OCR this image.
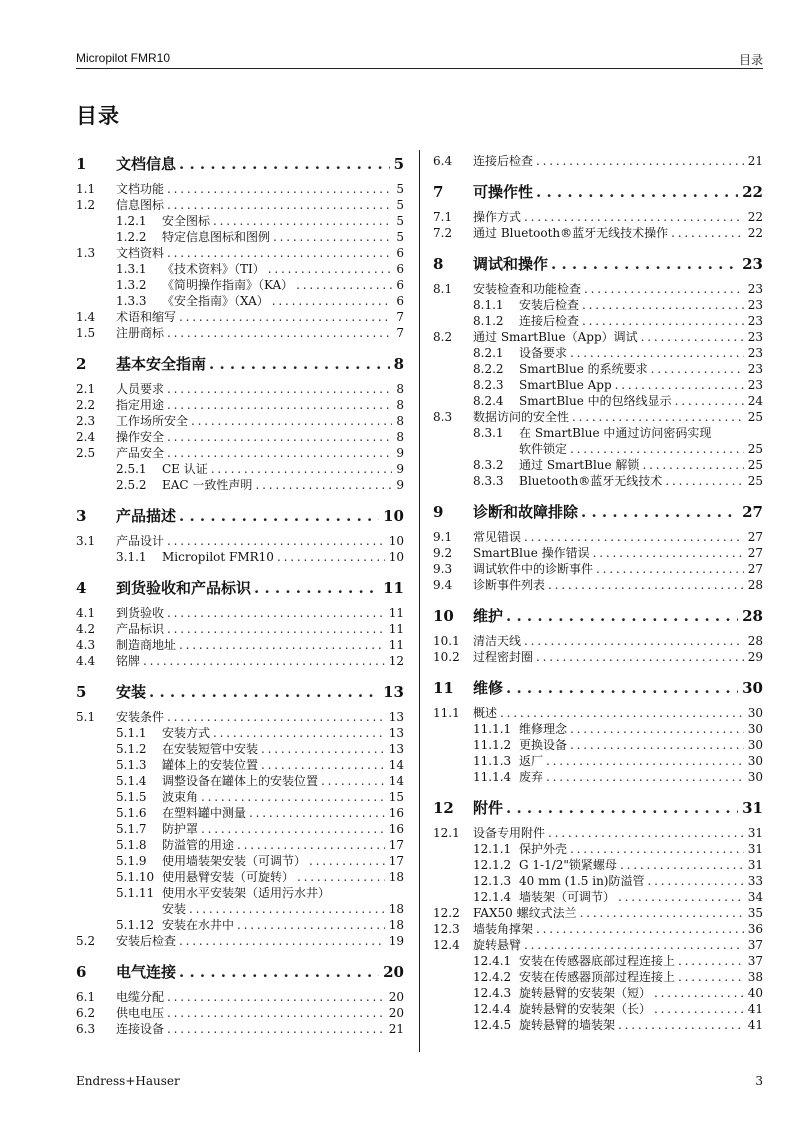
Micropilot FMR10	目录
目录
1 文档信息 . . .	5
1.1 文档功能 . . .	5
1.2 信息图标 . . .	5
1.2.1 安全图标 . . .	5
1.2.2 特定信息图标和图例 . . .	5
1.3 文档资料 . . .	6
1.3.1 《技术资料》（TI） . . .	6
1.3.2 《简明操作指南》（KA） . . .	6
1.3.3 《安全指南》（XA） . . .	6
1.4 术语和缩写 . . .	7
1.5 注册商标 . . .	7
2 基本安全指南 . . .	8
2.1 人员要求 . . .	8
2.2 指定用途 . . .	8
2.3 工作场所安全 . . .	8
2.4 操作安全 . . .	8
2.5 产品安全 . . .	9
2.5.1 CE 认证 . . .	9
2.5.2 EAC 一致性声明 . . .	9
3 产品描述 . . .	10
3.1 产品设计 . . .	10
3.1.1 Micropilot FMR10 . . .	10
4 到货验收和产品标识 . . .	11
4.1 到货验收 . . .	11
4.2 产品标识 . . .	11
4.3 制造商地址 . . .	11
4.4 铭牌 . . .	12
5 安装 . . .	13
5.1 安装条件 . . .	13
5.1.1 安装方式 . . .	13
5.1.2 在安装短管中安装 . . .	13
5.1.3 罐体上的安装位置 . . .	14
5.1.4 调整设备在罐体上的安装位置 . . .	14
5.1.5 波束角 . . .	15
5.1.6 在塑料罐中测量 . . .	16
5.1.7 防护罩 . . .	16
5.1.8 防溢管的用途 . . .	17
5.1.9 使用墙装架安装（可调节） . . .	17
5.1.10 使用悬臂安装（可旋转） . . .	18
5.1.11 使用水平安装架（适用污水井）
安装 . . .	18
5.1.12 安装在水井中 . . .	18
5.2 安装后检查 . . .	19
6 电气连接 . . .	20
6.1 电缆分配 . . .	20
6.2 供电电压 . . .	20
6.3 连接设备 . . .	21
6.4 连接后检查 . . .	21
7 可操作性 . . .	22
7.1 操作方式 . . .	22
7.2 通过 Bluetooth®蓝牙无线技术操作 . . .	22
8 调试和操作 . . .	23
8.1 安装检查和功能检查 . . .	23
8.1.1 安装后检查 . . .	23
8.1.2 连接后检查 . . .	23
8.2 通过 SmartBlue（App）调试 . . .	23
8.2.1 设备要求 . . .	23
8.2.2 SmartBlue 的系统要求 . . .	23
8.2.3 SmartBlue App . . .	23
8.2.4 SmartBlue 中的包络线显示 . . .	24
8.3 数据访问的安全性 . . .	25
8.3.1 在 SmartBlue 中通过访问密码实现
软件锁定 . . .	25
8.3.2 通过 SmartBlue 解锁 . . .	25
8.3.3 Bluetooth®蓝牙无线技术 . . .	25
9 诊断和故障排除 . . .	27
9.1 常见错误 . . .	27
9.2 SmartBlue 操作错误 . . .	27
9.3 调试软件中的诊断事件 . . .	27
9.4 诊断事件列表 . . .	28
10 维护 . . .	28
10.1 清洁天线 . . .	28
10.2 过程密封圈 . . .	29
11 维修 . . .	30
11.1 概述 . . .	30
11.1.1 维修理念 . . .	30
11.1.2 更换设备 . . .	30
11.1.3 返厂 . . .	30
11.1.4 废弃 . . .	30
12 附件 . . .	31
12.1 设备专用附件 . . .	31
12.1.1 保护外壳 . . .	31
12.1.2 G 1-1/2"锁紧螺母 . . .	31
12.1.3 40 mm (1.5 in)防溢管 . . .	33
12.1.4 墙装架（可调节） . . .	34
12.2 FAX50 螺纹式法兰 . . .	35
12.3 墙装角撑架 . . .	36
12.4 旋转悬臂 . . .	37
12.4.1 安装在传感器底部过程连接上 . . .	37
12.4.2 安装在传感器顶部过程连接上 . . .	38
12.4.3 旋转悬臂的安装架（短） . . .	40
12.4.4 旋转悬臂的安装架（长） . . .	41
12.4.5 旋转悬臂的墙装架 . . .	41
Endress+Hauser	3
